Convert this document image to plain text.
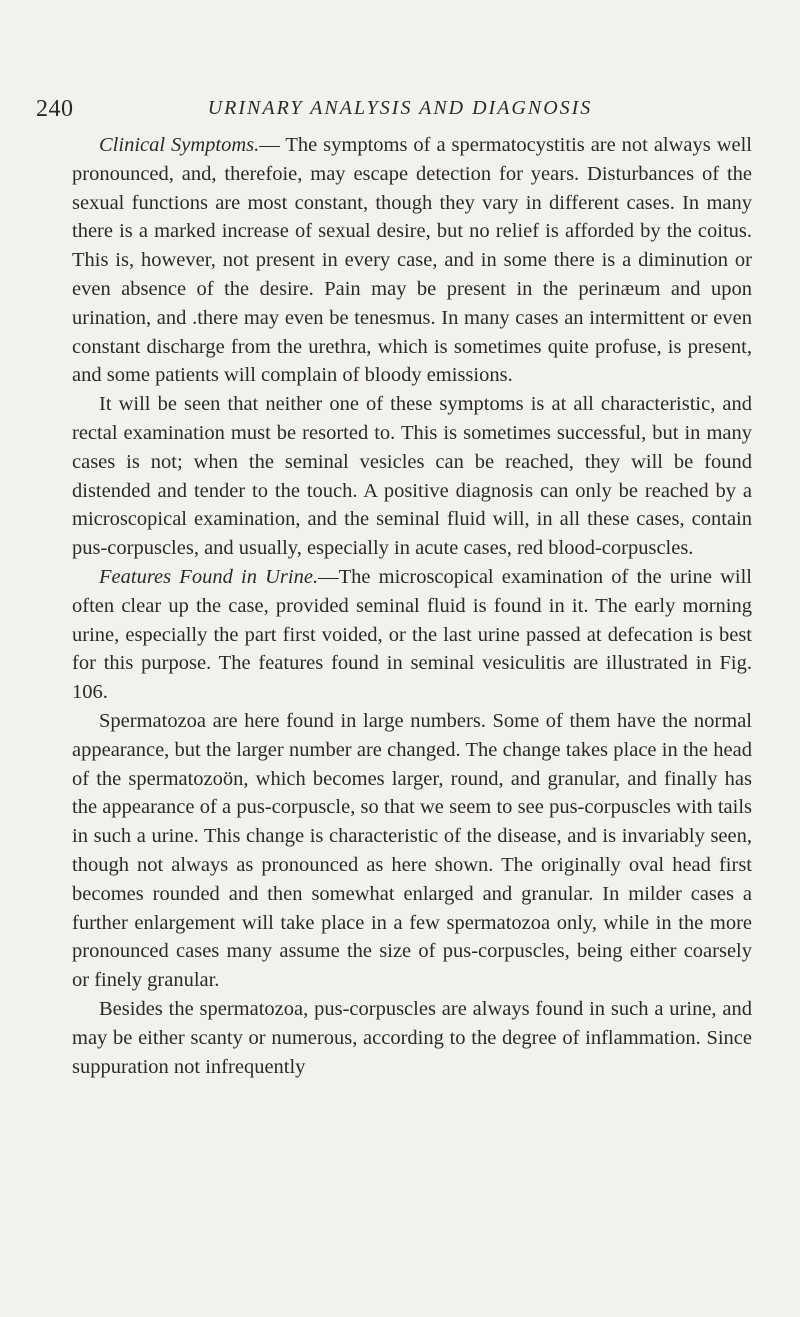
240	URINARY ANALYSIS AND DIAGNOSIS

Clinical Symptoms.— The symptoms of a spermatocystitis are not always well pronounced, and, therefoie, may escape detection for years. Disturbances of the sexual functions are most constant, though they vary in different cases. In many there is a marked increase of sexual desire, but no relief is afforded by the coitus. This is, however, not present in every case, and in some there is a diminution or even absence of the desire. Pain may be present in the perinæum and upon urination, and .there may even be tenesmus. In many cases an intermittent or even constant discharge from the urethra, which is sometimes quite profuse, is present, and some patients will complain of bloody emissions.

It will be seen that neither one of these symptoms is at all characteristic, and rectal examination must be resorted to. This is sometimes successful, but in many cases is not; when the seminal vesicles can be reached, they will be found distended and tender to the touch. A positive diagnosis can only be reached by a microscopical examination, and the seminal fluid will, in all these cases, contain pus-corpuscles, and usually, especially in acute cases, red blood-corpuscles.

Features Found in Urine.—The microscopical examination of the urine will often clear up the case, provided seminal fluid is found in it. The early morning urine, especially the part first voided, or the last urine passed at defecation is best for this purpose. The features found in seminal vesiculitis are illustrated in Fig. 106.

Spermatozoa are here found in large numbers. Some of them have the normal appearance, but the larger number are changed. The change takes place in the head of the spermatozoön, which becomes larger, round, and granular, and finally has the appearance of a pus-corpuscle, so that we seem to see pus-corpuscles with tails in such a urine. This change is characteristic of the disease, and is invariably seen, though not always as pronounced as here shown. The originally oval head first becomes rounded and then somewhat enlarged and granular. In milder cases a further enlargement will take place in a few spermatozoa only, while in the more pronounced cases many assume the size of pus-corpuscles, being either coarsely or finely granular.

Besides the spermatozoa, pus-corpuscles are always found in such a urine, and may be either scanty or numerous, according to the degree of inflammation. Since suppuration not infrequently
